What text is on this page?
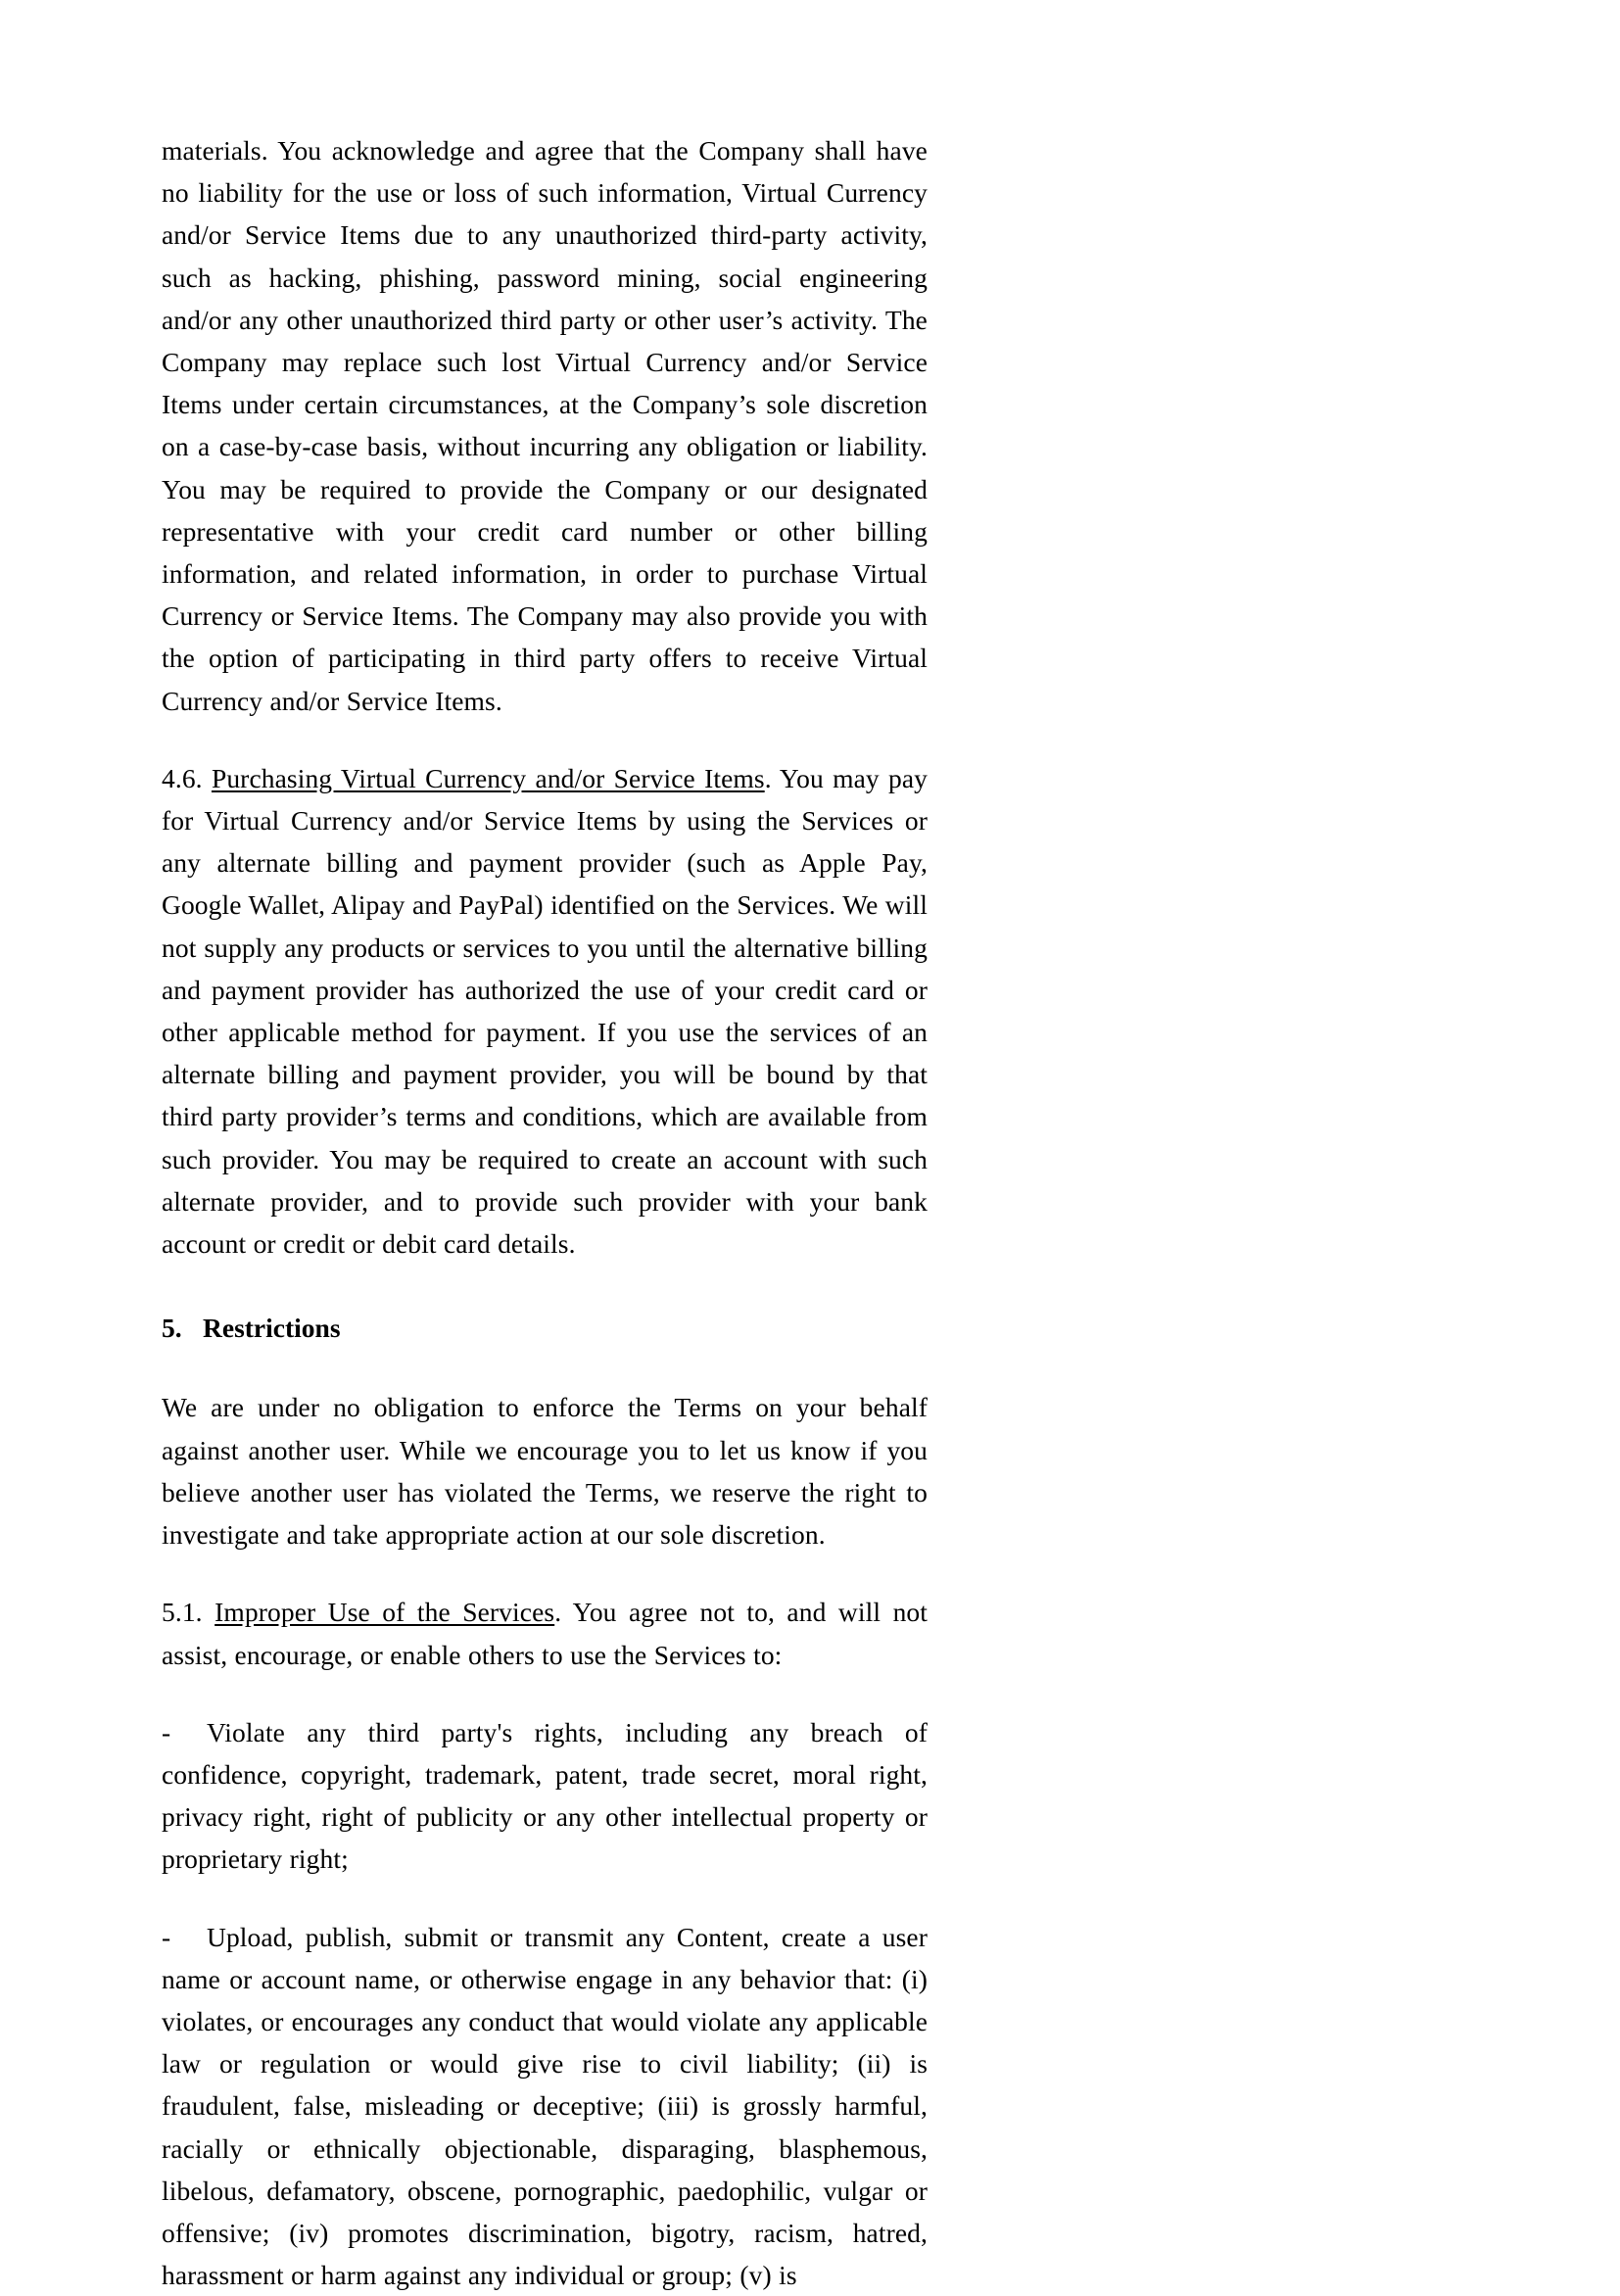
materials. You acknowledge and agree that the Company shall have no liability for the use or loss of such information, Virtual Currency and/or Service Items due to any unauthorized third-party activity, such as hacking, phishing, password mining, social engineering and/or any other unauthorized third party or other user’s activity. The Company may replace such lost Virtual Currency and/or Service Items under certain circumstances, at the Company’s sole discretion on a case-by-case basis, without incurring any obligation or liability. You may be required to provide the Company or our designated representative with your credit card number or other billing information, and related information, in order to purchase Virtual Currency or Service Items. The Company may also provide you with the option of participating in third party offers to receive Virtual Currency and/or Service Items.

4.6. Purchasing Virtual Currency and/or Service Items. You may pay for Virtual Currency and/or Service Items by using the Services or any alternate billing and payment provider (such as Apple Pay, Google Wallet, Alipay and PayPal) identified on the Services. We will not supply any products or services to you until the alternative billing and payment provider has authorized the use of your credit card or other applicable method for payment. If you use the services of an alternate billing and payment provider, you will be bound by that third party provider’s terms and conditions, which are available from such provider. You may be required to create an account with such alternate provider, and to provide such provider with your bank account or credit or debit card details.

5. Restrictions

We are under no obligation to enforce the Terms on your behalf against another user. While we encourage you to let us know if you believe another user has violated the Terms, we reserve the right to investigate and take appropriate action at our sole discretion.

5.1. Improper Use of the Services. You agree not to, and will not assist, encourage, or enable others to use the Services to:

- Violate any third party's rights, including any breach of confidence, copyright, trademark, patent, trade secret, moral right, privacy right, right of publicity or any other intellectual property or proprietary right;

- Upload, publish, submit or transmit any Content, create a user name or account name, or otherwise engage in any behavior that: (i) violates, or encourages any conduct that would violate any applicable law or regulation or would give rise to civil liability; (ii) is fraudulent, false, misleading or deceptive; (iii) is grossly harmful, racially or ethnically objectionable, disparaging, blasphemous, libelous, defamatory, obscene, pornographic, paedophilic, vulgar or offensive; (iv) promotes discrimination, bigotry, racism, hatred, harassment or harm against any individual or group; (v) is
